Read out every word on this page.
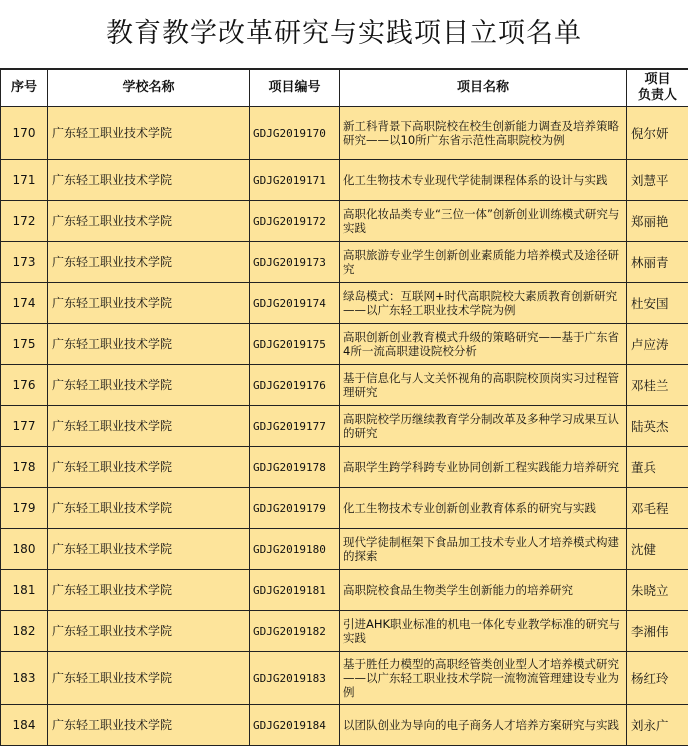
教育教学改革研究与实践项目立项名单
序号	学校名称	项目编号	项目名称	项目
负责人
170	广东轻工职业技术学院	GDJG2019170	新工科背景下高职院校在校生创新能力调查及培养策略研究——以10所广东省示范性高职院校为例	倪尔妍
171	广东轻工职业技术学院	GDJG2019171	化工生物技术专业现代学徒制课程体系的设计与实践	刘慧平
172	广东轻工职业技术学院	GDJG2019172	高职化妆品类专业“三位一体”创新创业训练模式研究与实践	郑丽艳
173	广东轻工职业技术学院	GDJG2019173	高职旅游专业学生创新创业素质能力培养模式及途径研究	林丽青
174	广东轻工职业技术学院	GDJG2019174	绿岛模式：互联网+时代高职院校大素质教育创新研究——以广东轻工职业技术学院为例	杜安国
175	广东轻工职业技术学院	GDJG2019175	高职创新创业教育模式升级的策略研究——基于广东省4所一流高职建设院校分析	卢应涛
176	广东轻工职业技术学院	GDJG2019176	基于信息化与人文关怀视角的高职院校顶岗实习过程管理研究	邓桂兰
177	广东轻工职业技术学院	GDJG2019177	高职院校学历继续教育学分制改革及多种学习成果互认的研究	陆英杰
178	广东轻工职业技术学院	GDJG2019178	高职学生跨学科跨专业协同创新工程实践能力培养研究	董兵
179	广东轻工职业技术学院	GDJG2019179	化工生物技术专业创新创业教育体系的研究与实践	邓毛程
180	广东轻工职业技术学院	GDJG2019180	现代学徒制框架下食品加工技术专业人才培养模式构建的探索	沈健
181	广东轻工职业技术学院	GDJG2019181	高职院校食品生物类学生创新能力的培养研究	朱晓立
182	广东轻工职业技术学院	GDJG2019182	引进AHK职业标准的机电一体化专业教学标准的研究与实践	李湘伟
183	广东轻工职业技术学院	GDJG2019183	基于胜任力模型的高职经管类创业型人才培养模式研究——以广东轻工职业技术学院一流物流管理建设专业为例	杨红玲
184	广东轻工职业技术学院	GDJG2019184	以团队创业为导向的电子商务人才培养方案研究与实践	刘永广
